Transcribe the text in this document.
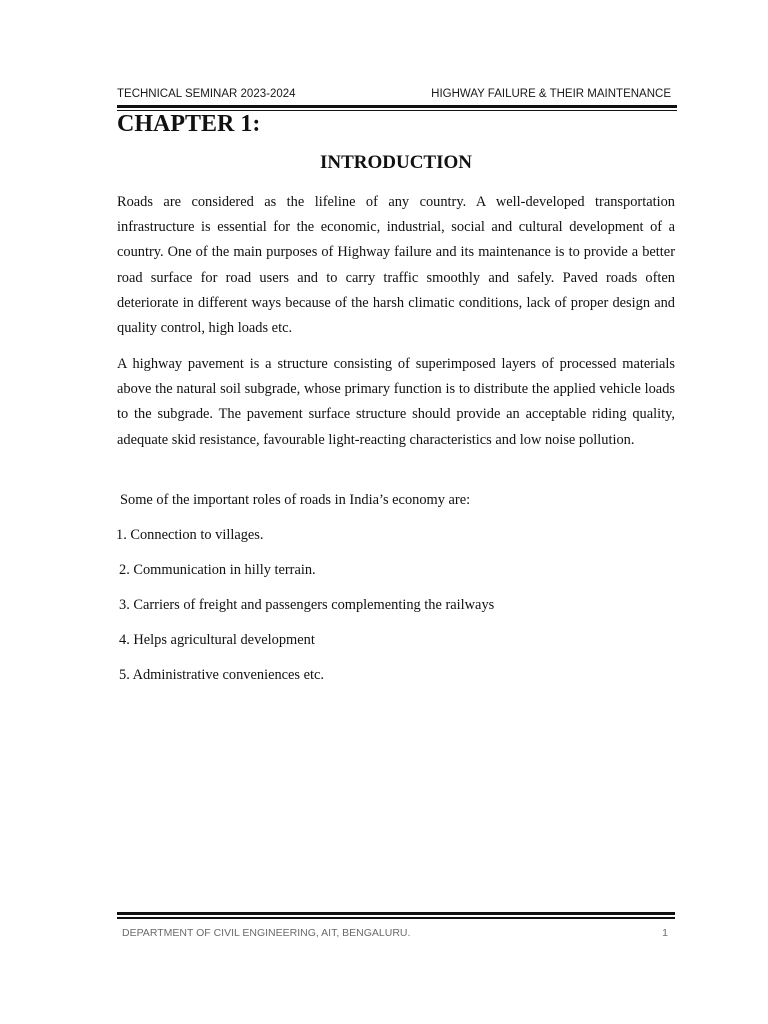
TECHNICAL SEMINAR 2023-2024	HIGHWAY FAILURE & THEIR MAINTENANCE
CHAPTER 1:
INTRODUCTION

Roads are considered as the lifeline of any country. A well-developed transportation infrastructure is essential for the economic, industrial, social and cultural development of a country. One of the main purposes of Highway failure and its maintenance is to provide a better road surface for road users and to carry traffic smoothly and safely. Paved roads often deteriorate in different ways because of the harsh climatic conditions, lack of proper design and quality control, high loads etc.

A highway pavement is a structure consisting of superimposed layers of processed materials above the natural soil subgrade, whose primary function is to distribute the applied vehicle loads to the subgrade. The pavement surface structure should provide an acceptable riding quality, adequate skid resistance, favourable light-reacting characteristics and low noise pollution.

Some of the important roles of roads in India’s economy are:

1. Connection to villages.

2. Communication in hilly terrain.

3. Carriers of freight and passengers complementing the railways

4. Helps agricultural development

5. Administrative conveniences etc.

DEPARTMENT OF CIVIL ENGINEERING, AIT, BENGALURU.	1
